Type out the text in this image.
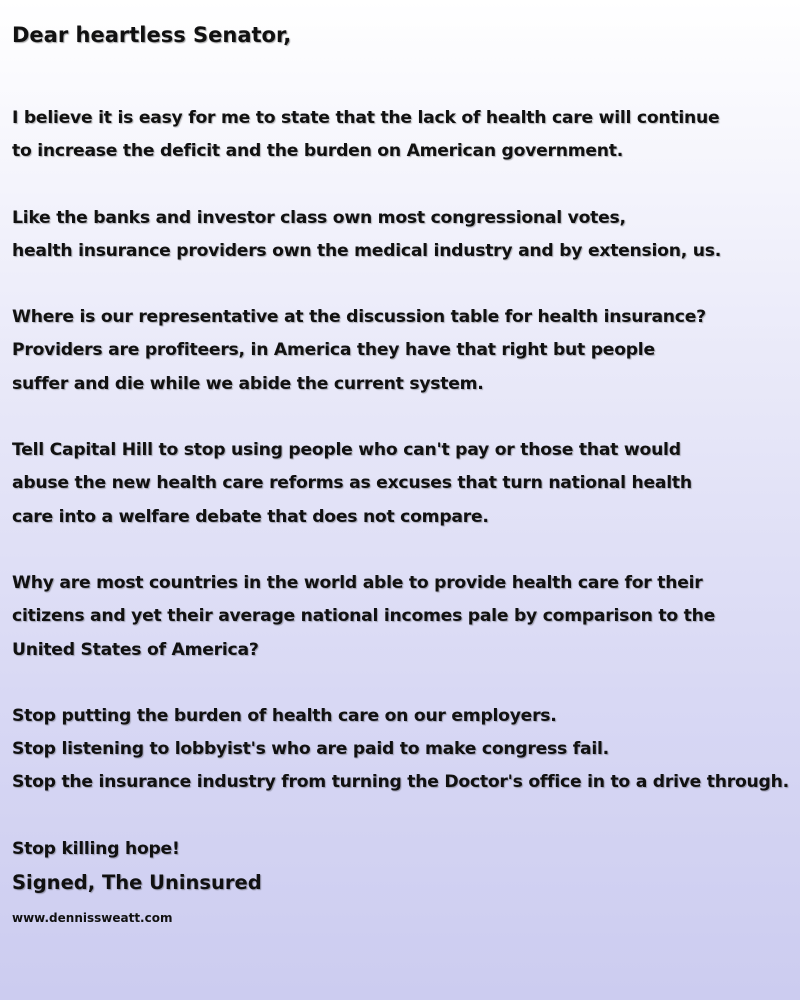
Dear heartless Senator,
I believe it is easy for me to state that the lack of health care will continue
to increase the deficit and the burden on American government.
Like the banks and investor class own most congressional votes,
health insurance providers own the medical industry and by extension, us.
Where is our representative at the discussion table for health insurance?
Providers are profiteers, in America they have that right but people
suffer and die while we abide the current system.
Tell Capital Hill to stop using people who can't pay or those that would
abuse the new health care reforms as excuses that turn national health
care into a welfare debate that does not compare.
Why are most countries in the world able to provide health care for their
citizens and yet their average national incomes pale by comparison to the
United States of America?
Stop putting the burden of health care on our employers.
Stop listening to lobbyist's who are paid to make congress fail.
Stop the insurance industry from turning the Doctor's office in to a drive through.
Stop killing hope!
Signed, The Uninsured
www.dennissweatt.com
